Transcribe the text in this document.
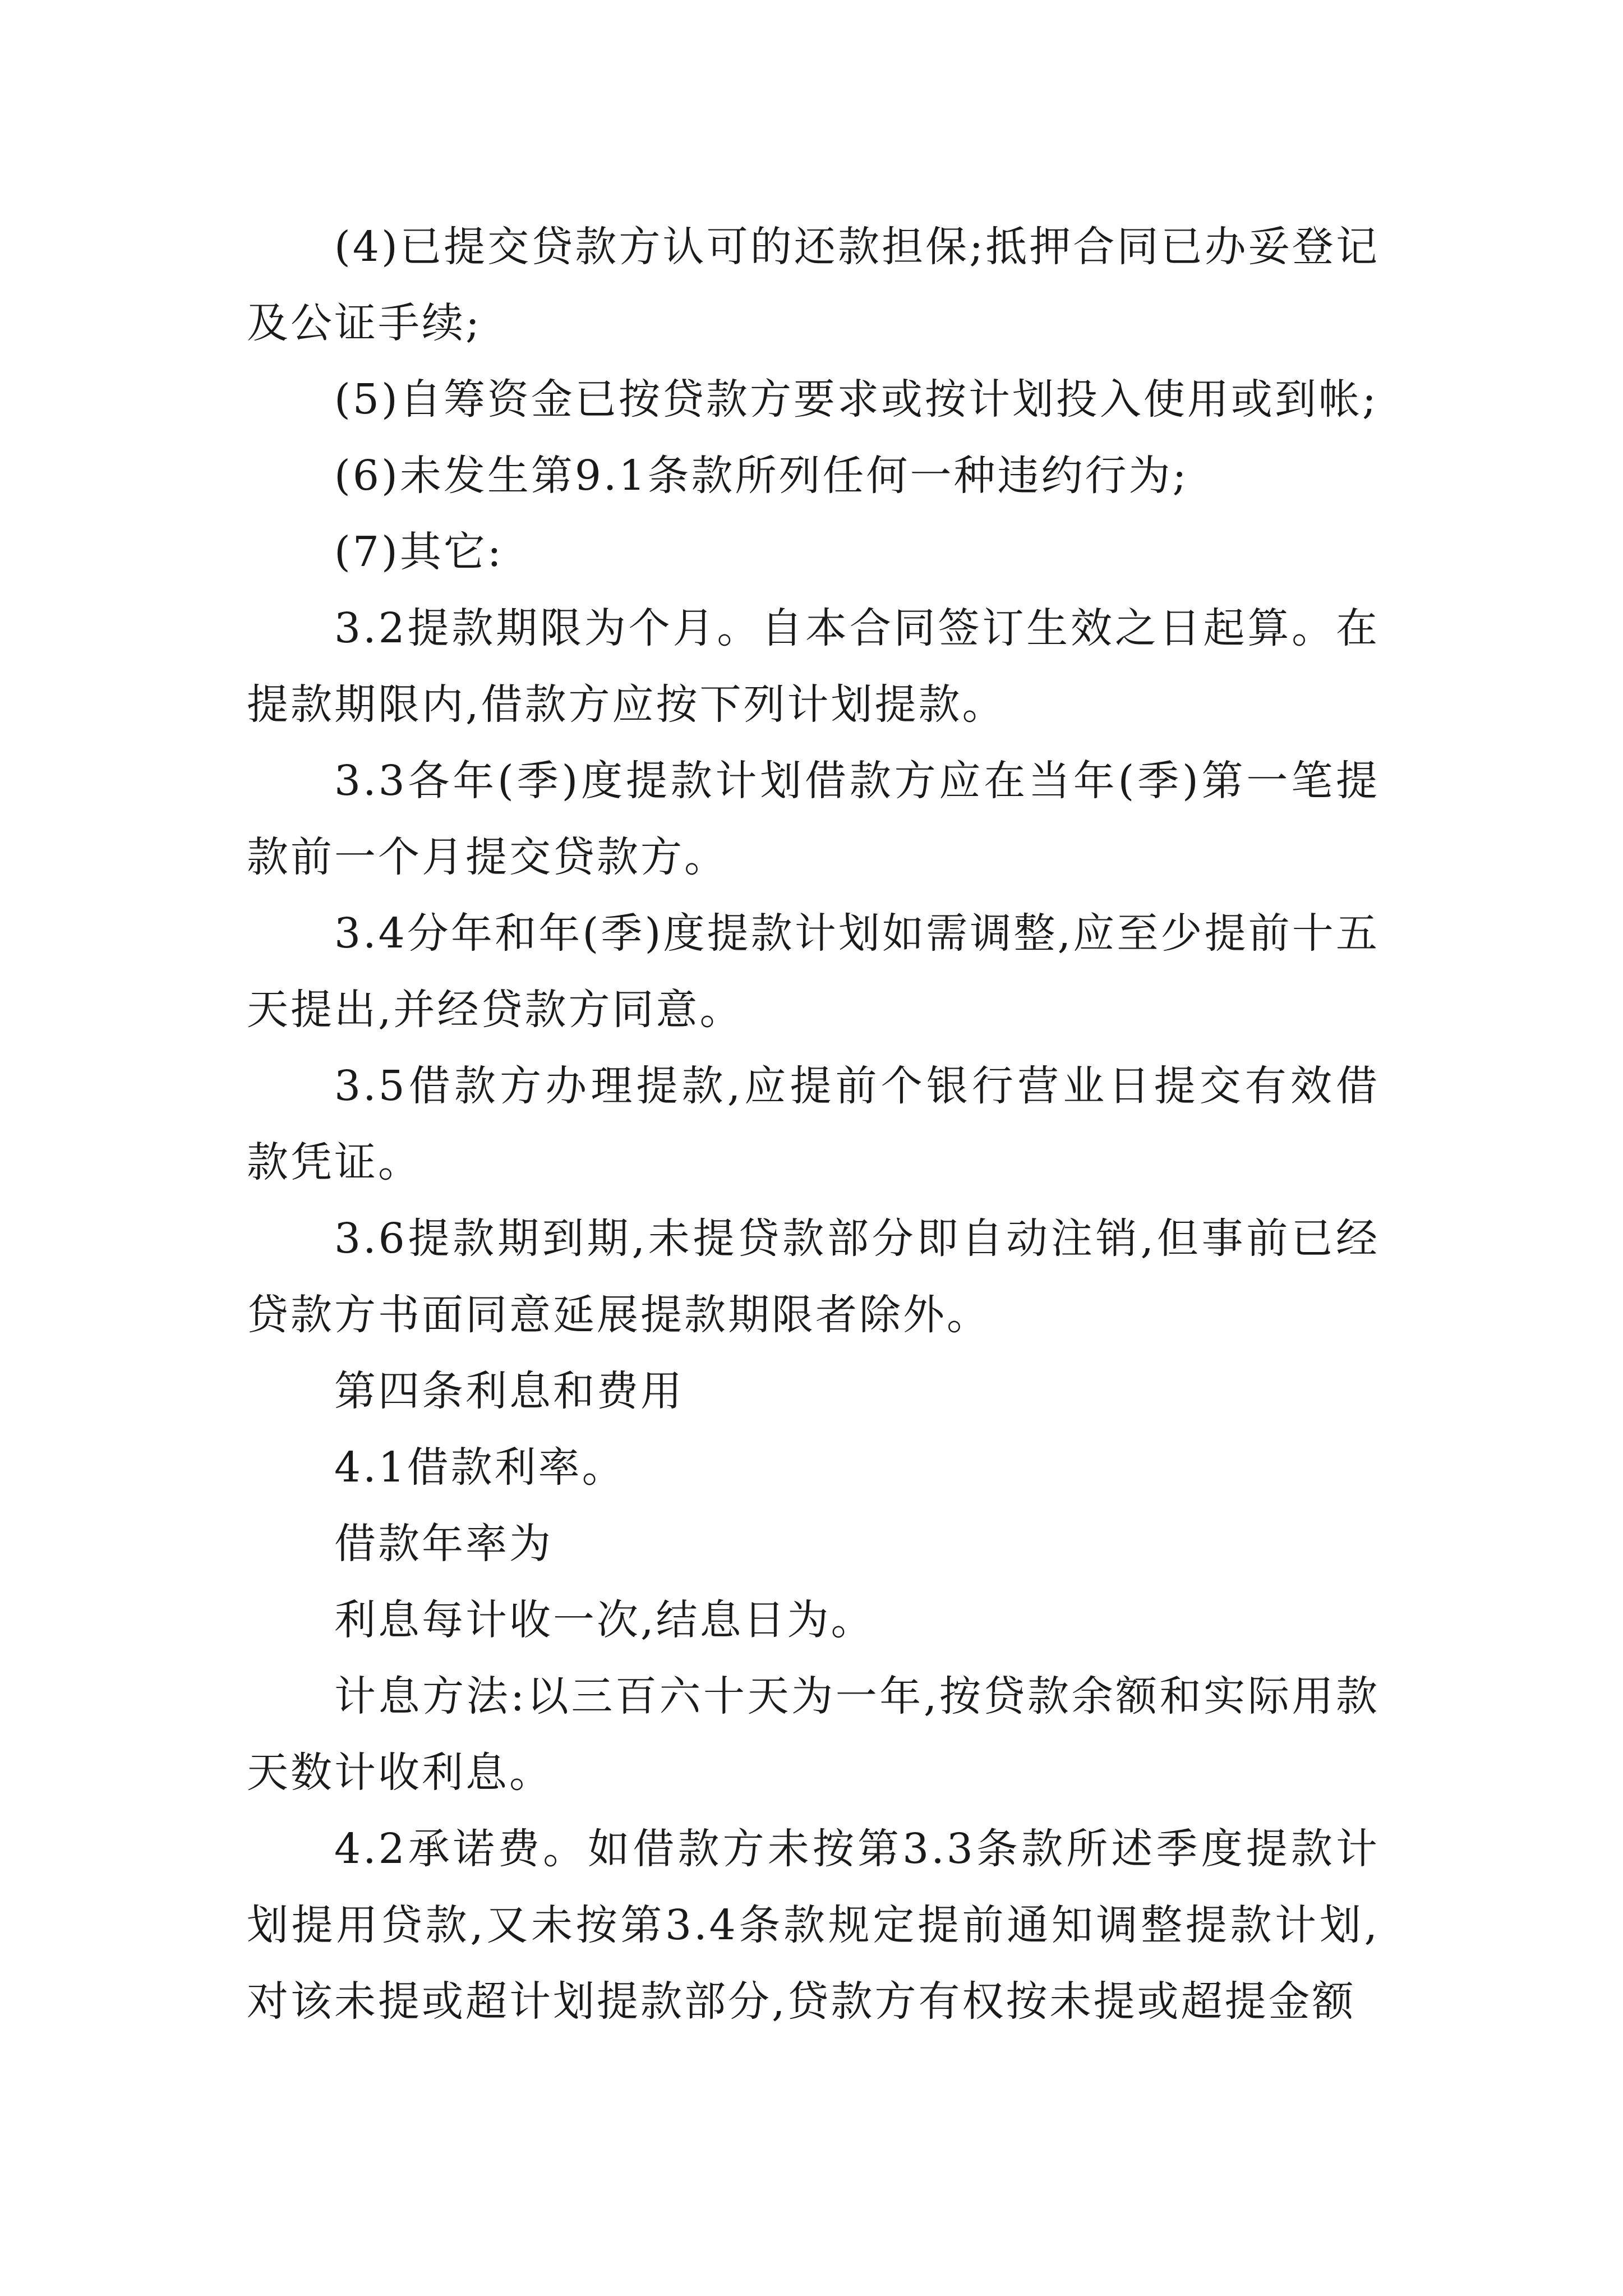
(4)已提交贷款方认可的还款担保;抵押合同已办妥登记及公证手续;

(5)自筹资金已按贷款方要求或按计划投入使用或到帐;

(6)未发生第9.1条款所列任何一种违约行为;

(7)其它:

3.2提款期限为个月。自本合同签订生效之日起算。在提款期限内,借款方应按下列计划提款。

3.3各年(季)度提款计划借款方应在当年(季)第一笔提款前一个月提交贷款方。

3.4分年和年(季)度提款计划如需调整,应至少提前十五天提出,并经贷款方同意。

3.5借款方办理提款,应提前个银行营业日提交有效借款凭证。

3.6提款期到期,未提贷款部分即自动注销,但事前已经贷款方书面同意延展提款期限者除外。

第四条利息和费用

4.1借款利率。

借款年率为

利息每计收一次,结息日为。

计息方法:以三百六十天为一年,按贷款余额和实际用款天数计收利息。

4.2承诺费。如借款方未按第3.3条款所述季度提款计划提用贷款,又未按第3.4条款规定提前通知调整提款计划,对该未提或超计划提款部分,贷款方有权按未提或超提金额
